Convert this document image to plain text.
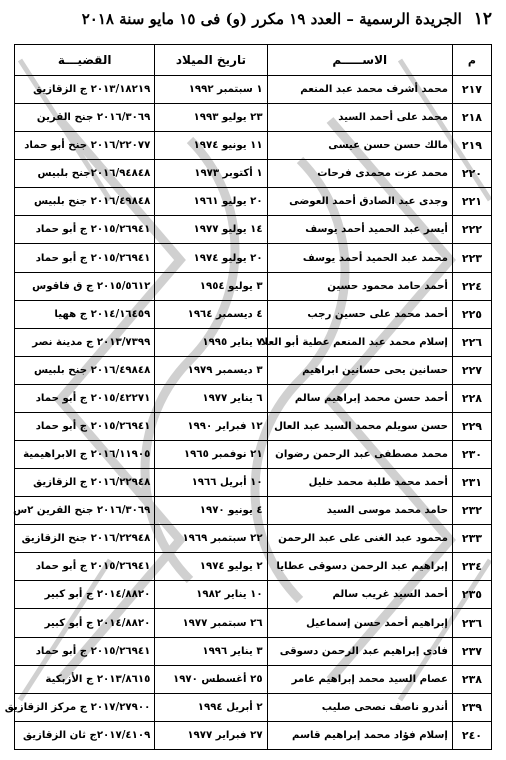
١٢
الجريدة الرسمية – العدد ١٩ مكرر (و) فى ١٥ مايو سنة ٢٠١٨
م	الاســـــم	تاريخ الميلاد	القضيـــة
٢١٧	محمد أشرف محمد عبد المنعم	١ سبتمبر ١٩٩٢	٢٠١٣/١٨٢١٩ ج الزقازيق
٢١٨	محمد على أحمد السيد	٢٣ يوليو ١٩٩٣	٢٠١٦/٣٠٦٩ جنح القرين
٢١٩	مالك حسن حسن عيسى	١١ يونيو ١٩٧٤	٢٠١٦/٢٢٠٧٧ جنح أبو حماد
٢٢٠	محمد عزت محمدى فرحات	١ أكتوبر ١٩٧٣	٢٠١٦/٩٤٨٤٨جنح بلبيس
٢٢١	وجدى عبد الصادق أحمد العوضى	٢٠ يوليو ١٩٦١	٢٠١٦/٤٩٨٤٨ جنح بلبيس
٢٢٢	أيسر عبد الحميد أحمد يوسف	١٤ يوليو ١٩٧٧	٢٠١٥/٢٦٩٤١ ج أبو حماد
٢٢٣	محمد عبد الحميد أحمد يوسف	٢٠ يوليو ١٩٧٤	٢٠١٥/٢٦٩٤١ ج أبو حماد
٢٢٤	أحمد حامد محمود حسين	٣ يوليو ١٩٥٤	٢٠١٥/٥٦١٢ ج ق فاقوس
٢٢٥	أحمد محمد على حسين رجب	٤ ديسمبر ١٩٦٤	٢٠١٤/١٦٤٥٩ ج ههيا
٢٢٦	إسلام محمد عبد المنعم عطية أبو العلا	٧ يناير ١٩٩٥	٢٠١٣/٧٣٩٩ ج مدينة نصر
٢٢٧	حسانين يحى حسانين ابراهيم	٣ ديسمبر ١٩٧٩	٢٠١٦/٤٩٨٤٨ جنح بلبيس
٢٢٨	أحمد حسن محمد إبراهيم سالم	٦ يناير ١٩٧٧	٢٠١٥/٤٢٢٧١ ج أبو حماد
٢٢٩	حسن سويلم محمد السيد عبد العال	١٢ فبراير ١٩٩٠	٢٠١٥/٢٦٩٤١ ج أبو حماد
٢٣٠	محمد مصطفى عبد الرحمن رضوان	٢١ نوفمبر ١٩٦٥	٢٠١٦/١١٩٠٥ ج الابراهيمية
٢٣١	أحمد محمد طلبة محمد خليل	١٠ أبريل ١٩٦٦	٢٠١٦/٢٢٩٤٨ ج الزقازيق
٢٣٢	حامد محمد موسى السيد	٤ يونيو ١٩٧٠	٢٠١٦/٣٠٦٩ جنح القرين ٢س
٢٣٣	محمود عبد الغنى على عبد الرحمن	٢٢ سبتمبر ١٩٦٩	٢٠١٦/٢٢٩٤٨ جنح الزقازيق
٢٣٤	إبراهيم عبد الرحمن دسوقى عطايا	٢ يوليو ١٩٧٤	٢٠١٥/٢٦٩٤١ ج أبو حماد
٢٣٥	أحمد السيد غريب سالم	١٠ يناير ١٩٨٢	٢٠١٤/٨٨٢٠ ج أبو كبير
٢٣٦	إبراهيم أحمد حسن إسماعيل	٢٦ سبتمبر ١٩٧٧	٢٠١٤/٨٨٢٠ ج أبو كبير
٢٣٧	فادى إبراهيم عبد الرحمن دسوقى	٣ يناير ١٩٩٦	٢٠١٥/٢٦٩٤١ ج أبو حماد
٢٣٨	عصام السيد محمد إبراهيم عامر	٢٥ أغسطس ١٩٧٠	٢٠١٣/٨٦١٥ ج الأزبكية
٢٣٩	أندرو ناصف نصحى صليب	٢ أبريل ١٩٩٤	٢٠١٧/٢٧٩٠٠ ج مركز الزقازيق
٢٤٠	إسلام فؤاد محمد إبراهيم قاسم	٢٧ فبراير ١٩٧٧	٢٠١٧/٤١٠٩ج ثان الزقازيق
